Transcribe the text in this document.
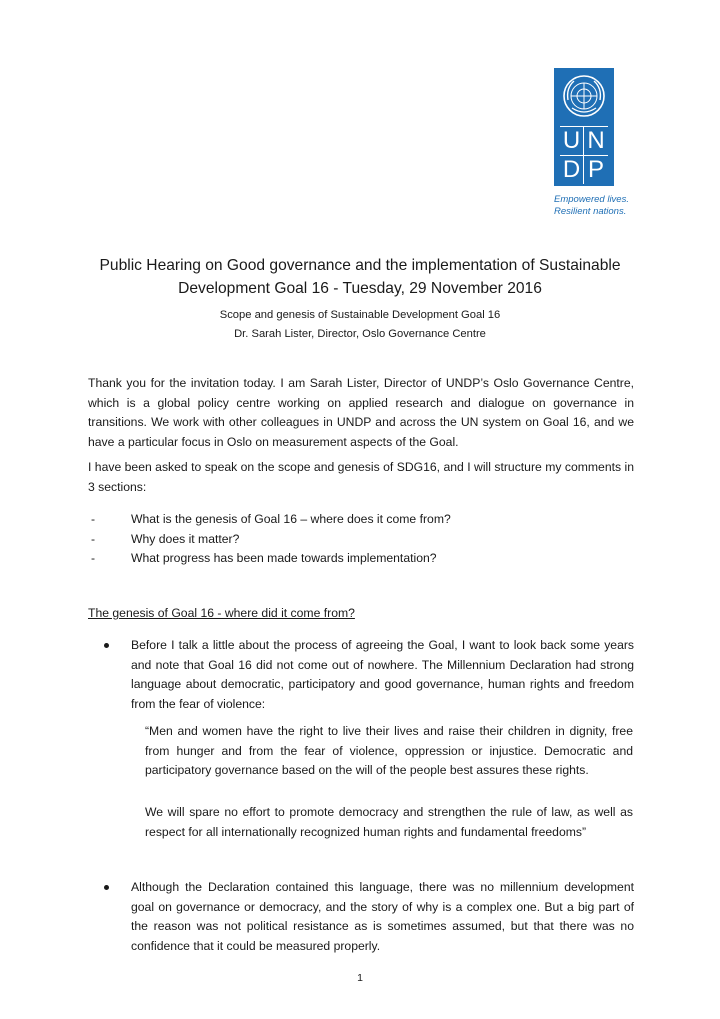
U N
D P
Empowered lives.
Resilient nations.
Public Hearing on Good governance and the implementation of Sustainable
Development Goal 16 - Tuesday, 29 November 2016
Scope and genesis of Sustainable Development Goal 16
Dr. Sarah Lister, Director, Oslo Governance Centre

Thank you for the invitation today. I am Sarah Lister, Director of UNDP’s Oslo Governance Centre, which is a global policy centre working on applied research and dialogue on governance in transitions. We work with other colleagues in UNDP and across the UN system on Goal 16, and we have a particular focus in Oslo on measurement aspects of the Goal.

I have been asked to speak on the scope and genesis of SDG16, and I will structure my comments in 3 sections:

-	What is the genesis of Goal 16 – where does it come from?
-	Why does it matter?
-	What progress has been made towards implementation?
The genesis of Goal 16 - where did it come from?
Before I talk a little about the process of agreeing the Goal, I want to look back some years and note that Goal 16 did not come out of nowhere. The Millennium Declaration had strong language about democratic, participatory and good governance, human rights and freedom from the fear of violence:

“Men and women have the right to live their lives and raise their children in dignity, free from hunger and from the fear of violence, oppression or injustice. Democratic and participatory governance based on the will of the people best assures these rights.

We will spare no effort to promote democracy and strengthen the rule of law, as well as respect for all internationally recognized human rights and fundamental freedoms”

Although the Declaration contained this language, there was no millennium development goal on governance or democracy, and the story of why is a complex one. But a big part of the reason was not political resistance as is sometimes assumed, but that there was no confidence that it could be measured properly.
1
